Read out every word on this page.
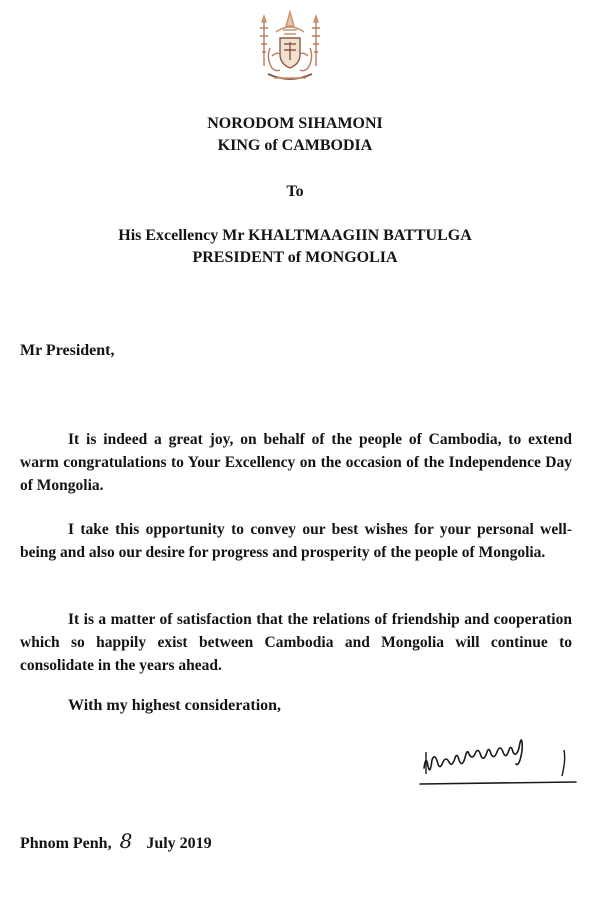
NORODOM SIHAMONI
KING of CAMBODIA
To
His Excellency Mr KHALTMAAGIIN BATTULGA
PRESIDENT of MONGOLIA
Mr President,

It is indeed a great joy, on behalf of the people of Cambodia, to extend warm congratulations to Your Excellency on the occasion of the Independence Day of Mongolia.

I take this opportunity to convey our best wishes for your personal well-being and also our desire for progress and prosperity of the people of Mongolia.

It is a matter of satisfaction that the relations of friendship and cooperation which so happily exist between Cambodia and Mongolia will continue to consolidate in the years ahead.

With my highest consideration,
Phnom Penh, 8 July 2019
